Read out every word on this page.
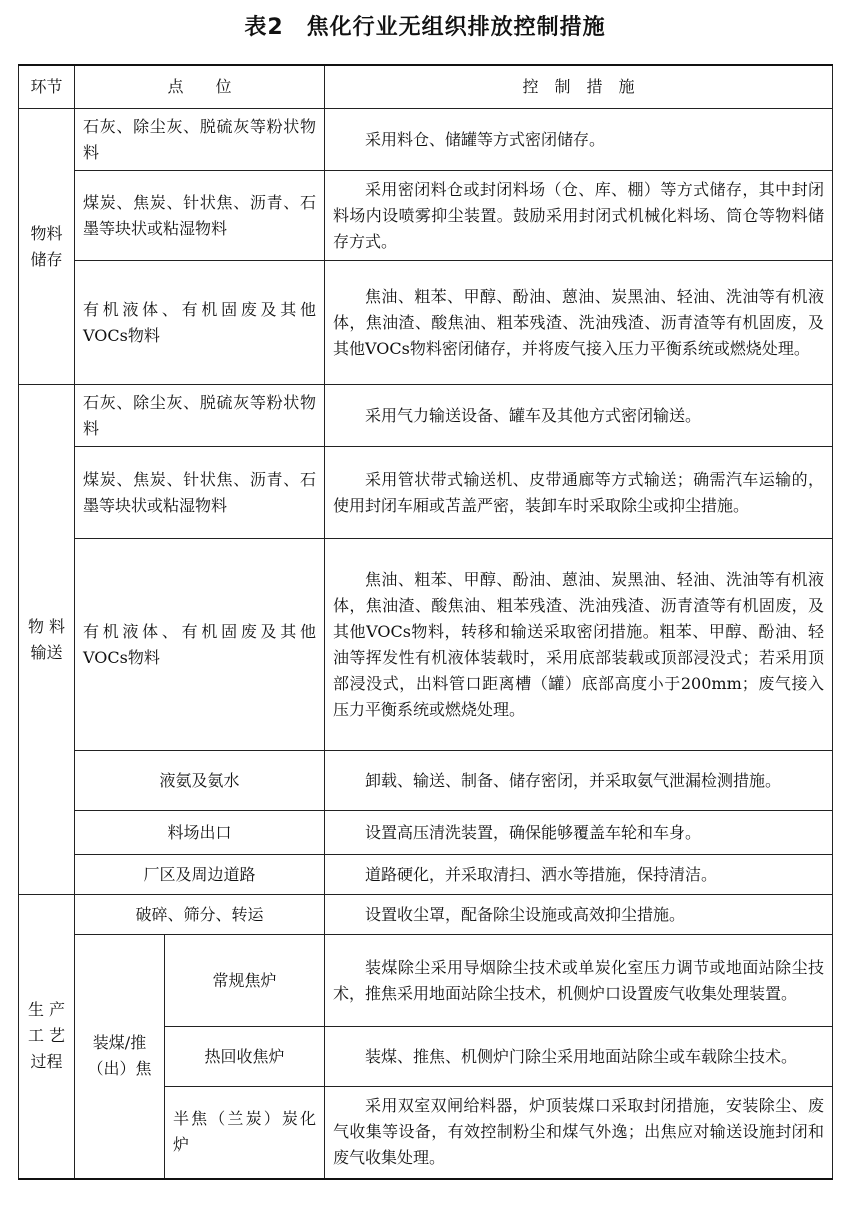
表2　焦化行业无组织排放控制措施
环节	点　　位		控　制　措　施
物料储存	石灰、除尘灰、脱硫灰等粉状物料		采用料仓、储罐等方式密闭储存。
	煤炭、焦炭、针状焦、沥青、石墨等块状或粘湿物料		采用密闭料仓或封闭料场（仓、库、棚）等方式储存，其中封闭料场内设喷雾抑尘装置。鼓励采用封闭式机械化料场、筒仓等物料储存方式。
	有机液体、有机固废及其他VOCs物料		焦油、粗苯、甲醇、酚油、蒽油、炭黑油、轻油、洗油等有机液体，焦油渣、酸焦油、粗苯残渣、洗油残渣、沥青渣等有机固废，及其他VOCs物料密闭储存，并将废气接入压力平衡系统或燃烧处理。
物 料 输送	石灰、除尘灰、脱硫灰等粉状物料		采用气力输送设备、罐车及其他方式密闭输送。
	煤炭、焦炭、针状焦、沥青、石墨等块状或粘湿物料		采用管状带式输送机、皮带通廊等方式输送；确需汽车运输的，使用封闭车厢或苫盖严密，装卸车时采取除尘或抑尘措施。
	有机液体、有机固废及其他VOCs物料		焦油、粗苯、甲醇、酚油、蒽油、炭黑油、轻油、洗油等有机液体，焦油渣、酸焦油、粗苯残渣、洗油残渣、沥青渣等有机固废，及其他VOCs物料，转移和输送采取密闭措施。粗苯、甲醇、酚油、轻油等挥发性有机液体装载时，采用底部装载或顶部浸没式；若采用顶部浸没式，出料管口距离槽（罐）底部高度小于200mm；废气接入压力平衡系统或燃烧处理。
	液氨及氨水		卸载、输送、制备、储存密闭，并采取氨气泄漏检测措施。
	料场出口		设置高压清洗装置，确保能够覆盖车轮和车身。
	厂区及周边道路		道路硬化，并采取清扫、洒水等措施，保持清洁。
生 产 工 艺 过程	破碎、筛分、转运		设置收尘罩，配备除尘设施或高效抑尘措施。
	装煤/推（出）焦	常规焦炉	装煤除尘采用导烟除尘技术或单炭化室压力调节或地面站除尘技术，推焦采用地面站除尘技术，机侧炉口设置废气收集处理装置。
		热回收焦炉	装煤、推焦、机侧炉门除尘采用地面站除尘或车载除尘技术。
		半焦（兰炭）炭化炉	采用双室双闸给料器，炉顶装煤口采取封闭措施，安装除尘、废气收集等设备，有效控制粉尘和煤气外逸；出焦应对输送设施封闭和废气收集处理。
